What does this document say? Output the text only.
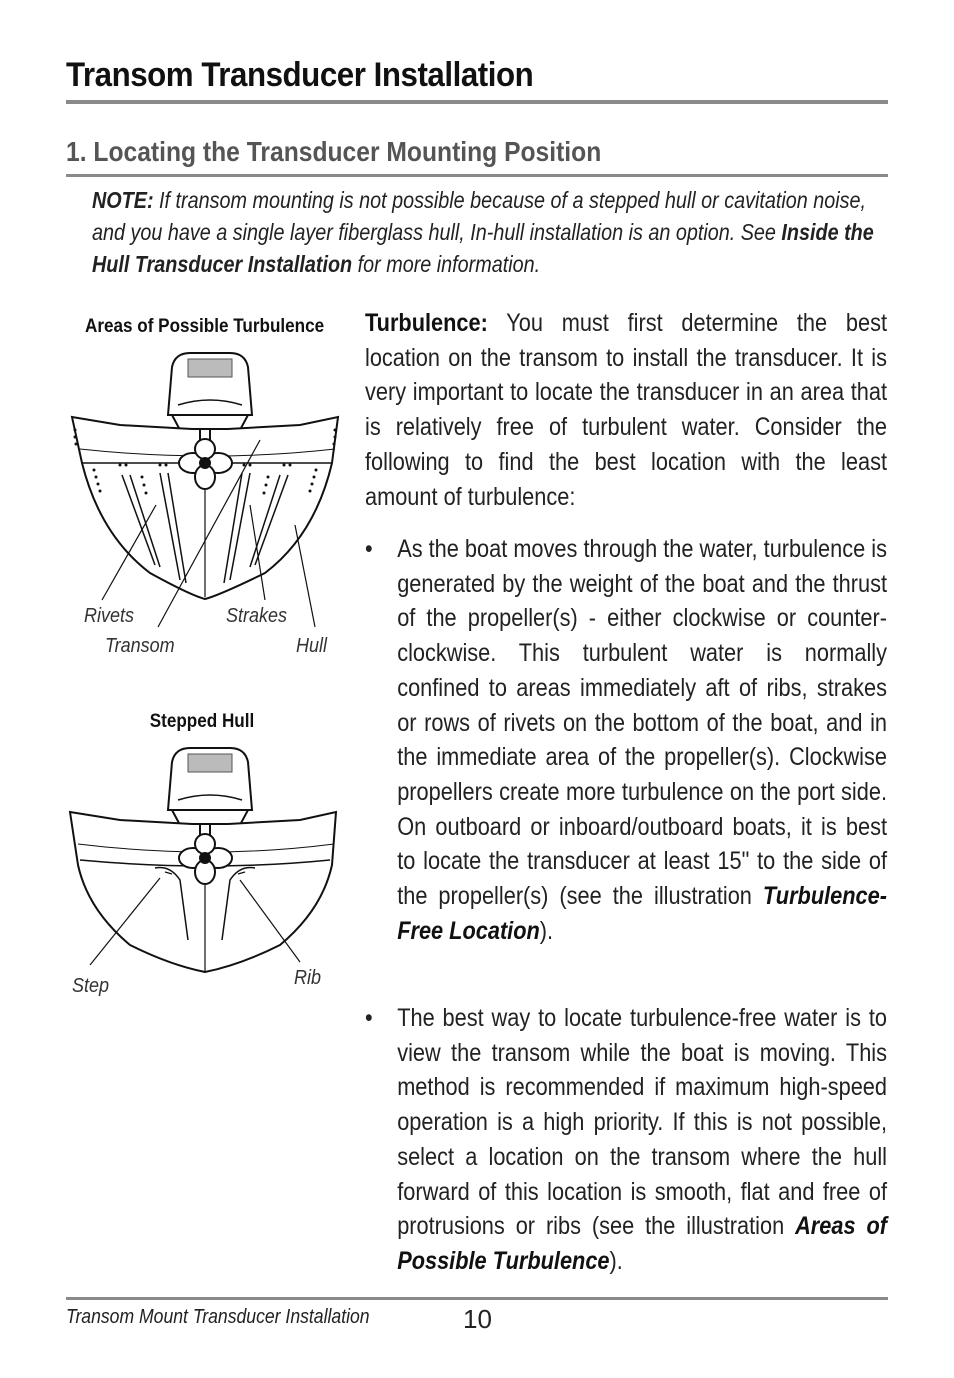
Transom Transducer Installation
1. Locating the Transducer Mounting Position

NOTE: If transom mounting is not possible because of a stepped hull or cavitation noise, and you have a single layer fiberglass hull, In-hull installation is an option. See Inside the Hull Transducer Installation for more information.

Areas of Possible Turbulence
Rivets	Strakes
Transom	Hull
Stepped Hull
Step	Rib

Turbulence: You must first determine the best location on the transom to install the transducer. It is very important to locate the transducer in an area that is relatively free of turbulent water. Consider the following to find the best location with the least amount of turbulence:

• As the boat moves through the water, turbulence is generated by the weight of the boat and the thrust of the propeller(s) - either clockwise or counter-clockwise. This turbulent water is normally confined to areas immediately aft of ribs, strakes or rows of rivets on the bottom of the boat, and in the immediate area of the propeller(s). Clockwise propellers create more turbulence on the port side. On outboard or inboard/outboard boats, it is best to locate the transducer at least 15" to the side of the propeller(s) (see the illustration Turbulence-Free Location).
• The best way to locate turbulence-free water is to view the transom while the boat is moving. This method is recommended if maximum high-speed operation is a high priority. If this is not possible, select a location on the transom where the hull forward of this location is smooth, flat and free of protrusions or ribs (see the illustration Areas of Possible Turbulence).
Transom Mount Transducer Installation	10
